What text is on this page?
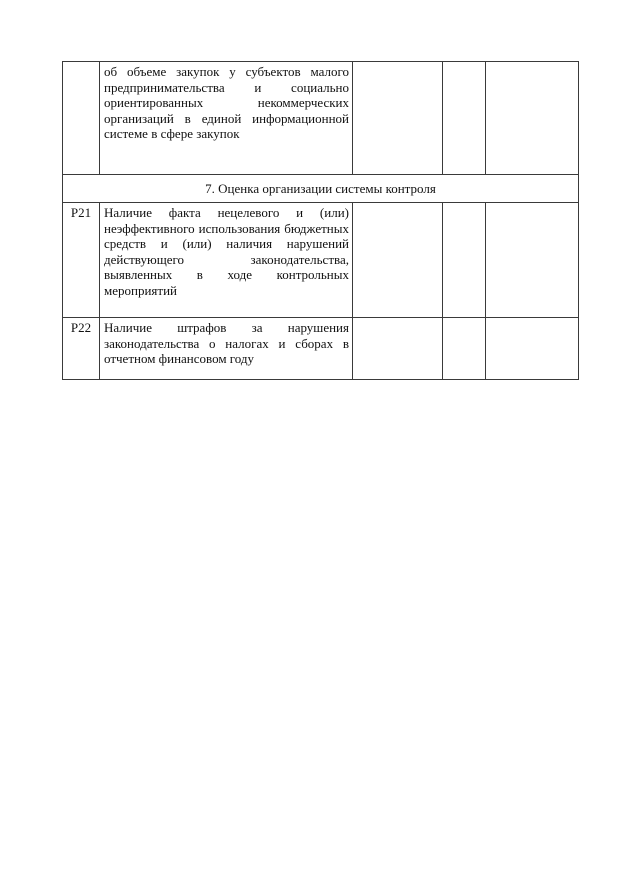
	об объеме закупок у субъектов малого предпринимательства и социально ориентированных некоммерческих организаций в единой информационной системе в сфере закупок			

7. Оценка организации системы контроля				
Р21	Наличие факта нецелевого и (или) неэффективного использования бюджетных средств и (или) наличия нарушений действующего законодательства, выявленных в ходе контрольных мероприятий			

Р22	Наличие штрафов за нарушения законодательства о налогах и сборах в отчетном финансовом году			
